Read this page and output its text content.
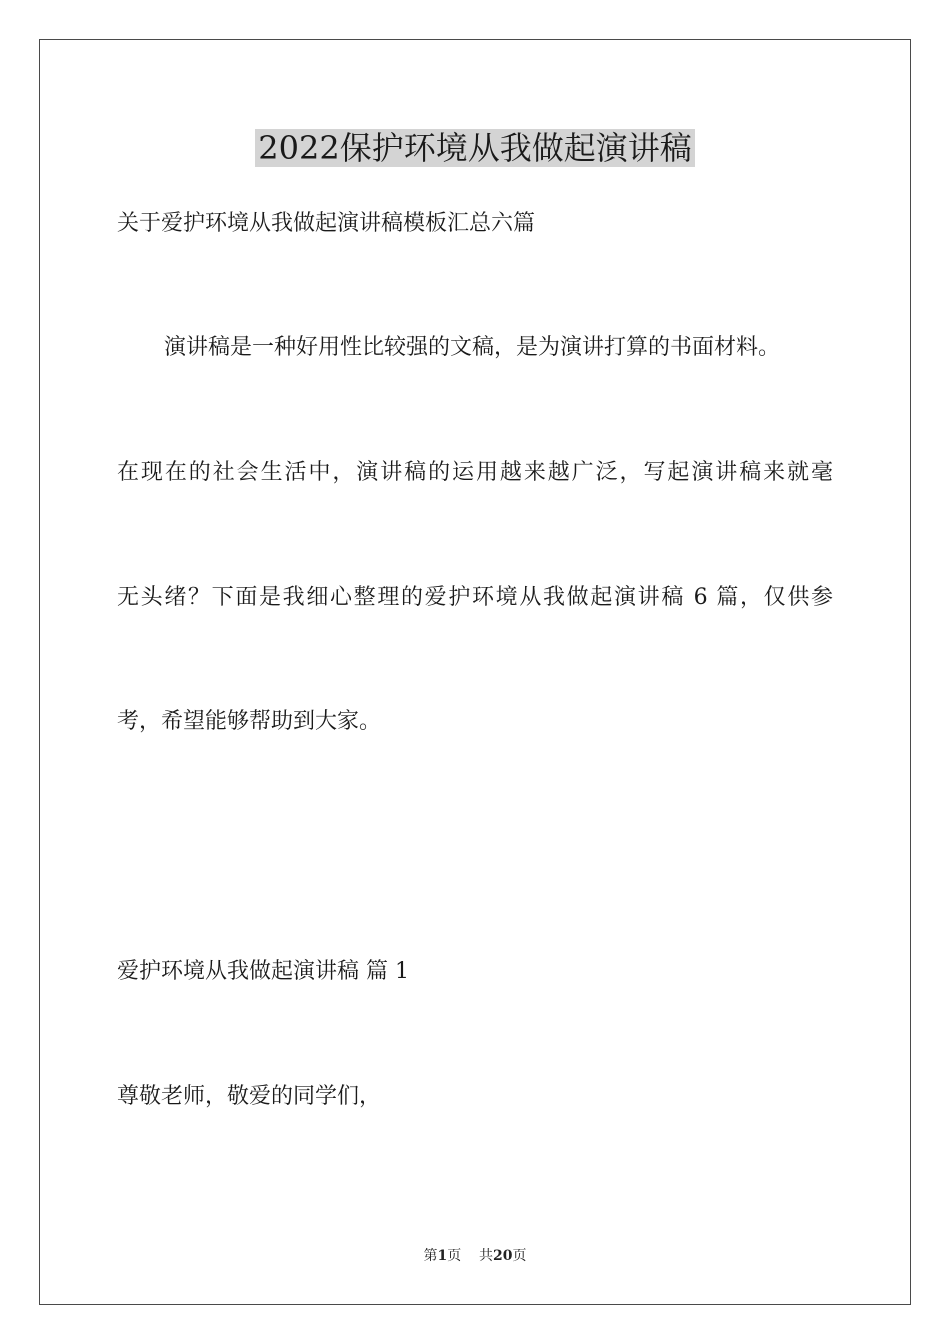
2022保护环境从我做起演讲稿
关于爱护环境从我做起演讲稿模板汇总六篇
演讲稿是一种好用性比较强的文稿，是为演讲打算的书面材料。
在现在的社会生活中，演讲稿的运用越来越广泛，写起演讲稿来就毫
无头绪？下面是我细心整理的爱护环境从我做起演讲稿 6 篇，仅供参
考，希望能够帮助到大家。
爱护环境从我做起演讲稿 篇 1
尊敬老师，敬爱的同学们，
第1页 共20页
